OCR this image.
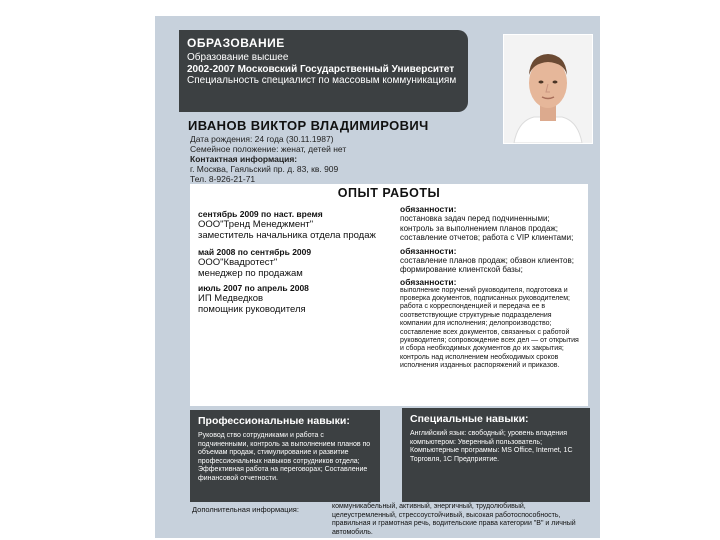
ОБРАЗОВАНИЕ
Образование высшее
2002-2007 Московский Государственный Университет
Специальность специалист по массовым коммуникациям
ИВАНОВ ВИКТОР ВЛАДИМИРОВИЧ
Дата рождения: 24 года (30.11.1987)
Семейное положение: женат, детей нет
Контактная информация:
г. Москва, Гаяльский пр. д. 83, кв. 909
Тел. 8-926-21-71
ОПЫТ РАБОТЫ
сентябрь 2009 по наст. время
ООО"Тренд Менеджмент"
заместитель начальника отдела продаж
май 2008 по сентябрь 2009
ООО"Квадротест"
менеджер по продажам
июль 2007 по апрель 2008
ИП Медведков
помощник руководителя
обязанности:
постановка задач перед подчиненными; контроль за выполнением планов продаж; составление отчетов; работа с VIP клиентами;
обязанности:
составление планов продаж; обзвон клиентов; формирование клиентской базы;
обязанности:
выполнение поручений руководителя, подготовка и проверка документов, подписанных руководителем; работа с корреспонденцией и передача ее в соответствующие структурные подразделения компании для исполнения; делопроизводство; составление всех документов, связанных с работой руководителя; сопровождение всех дел — от открытия и сбора необходимых документов до их закрытия; контроль над исполнением необходимых сроков исполнения изданных распоряжений и приказов.
Профессиональные навыки:
Руковод ство сотрудниками и работа с подчиненными, контроль за выполнением планов по объемам продаж, стимулирование и развитие профессиональных навыков сотрудников отдела; Эффективная работа на переговорах; Составление финансовой отчетности.
Специальные навыки:
Английский язык: свободный; уровень владения компьютером: Уверенный пользователь; Компьютерные программы: MS Office, Internet, 1С Торговля, 1С Предприятие.
Дополнительная информация:	коммуникабельный, активный, энергичный, трудолюбивый, целеустремленный, стрессоустойчивый, высокая работоспособность, правильная и грамотная речь, водительские права категории "В" и личный автомобиль.
